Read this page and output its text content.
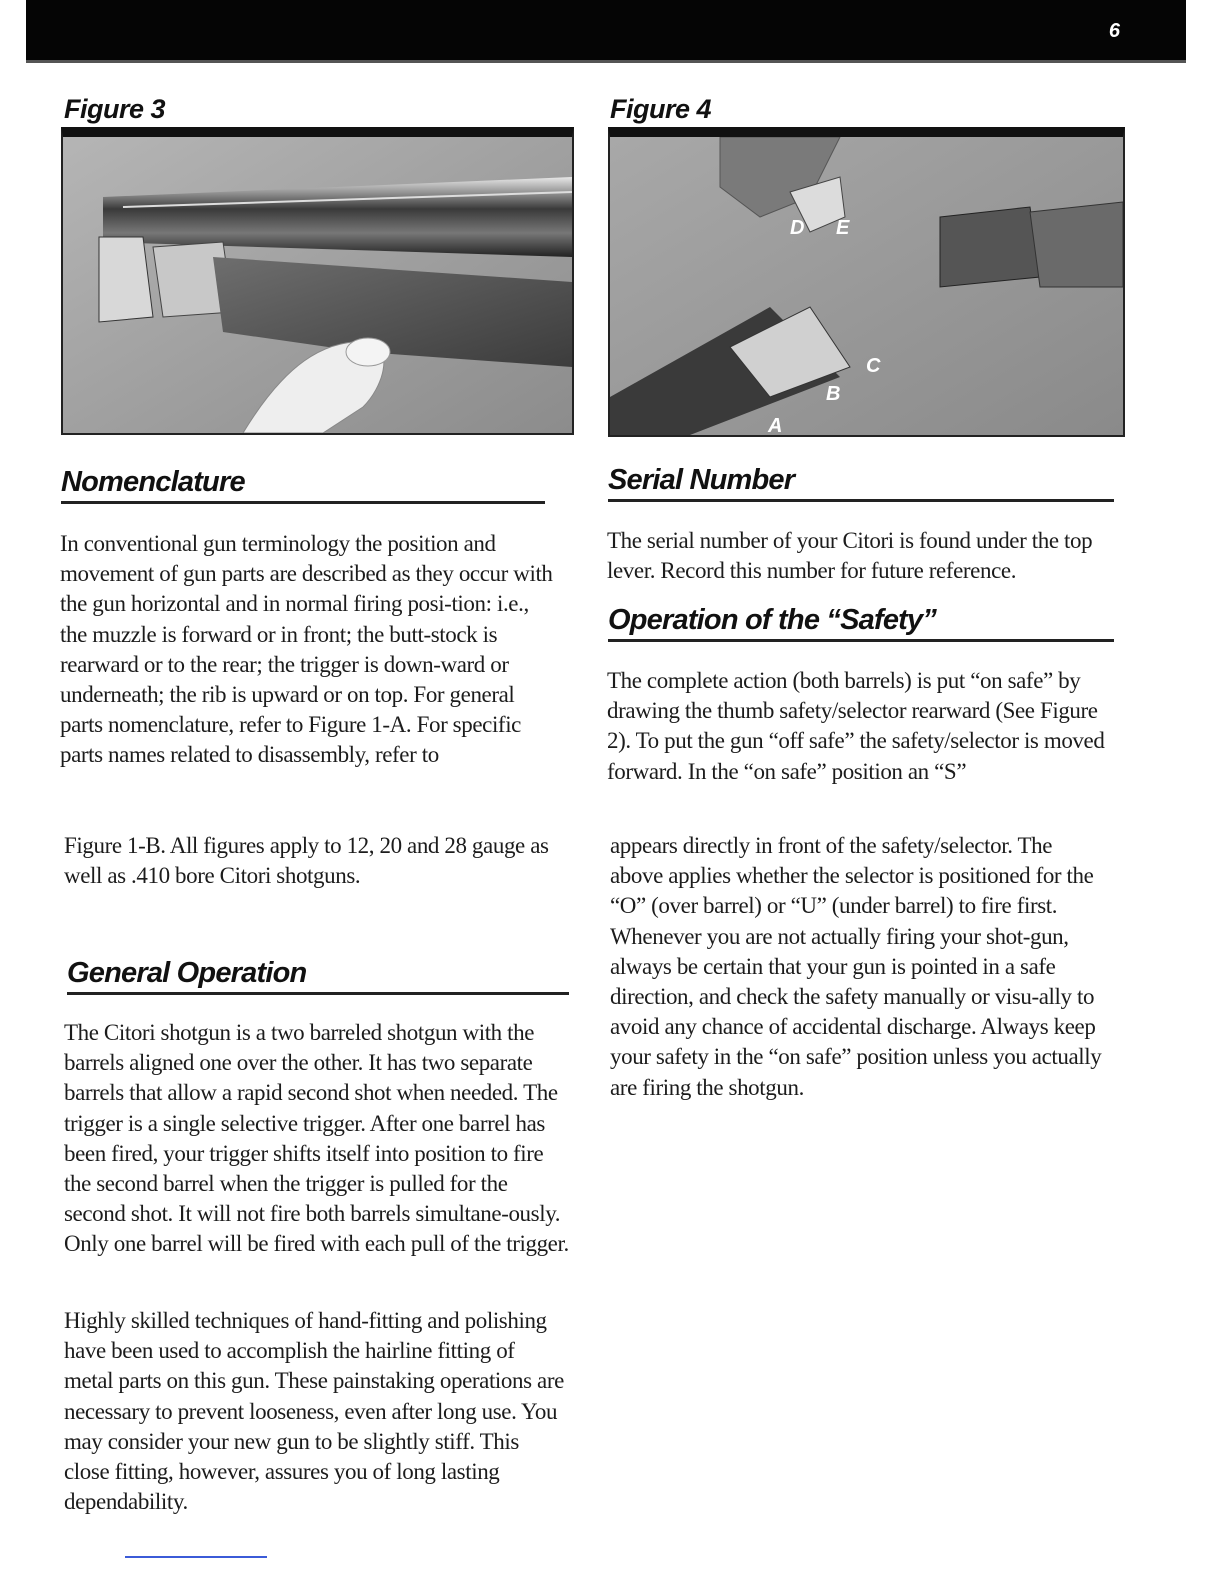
6
Figure 3	Figure 4
D E
C
B
A
Nomenclature

In conventional gun terminology the position and movement of gun parts are described as they occur with the gun horizontal and in normal firing posi-tion: i.e., the muzzle is forward or in front; the butt-stock is rearward or to the rear; the trigger is down-ward or underneath; the rib is upward or on top. For general parts nomenclature, refer to Figure 1-A. For specific parts names related to disassembly, refer to

Figure 1-B. All figures apply to 12, 20 and 28 gauge as well as .410 bore Citori shotguns.

General Operation

The Citori shotgun is a two barreled shotgun with the barrels aligned one over the other. It has two separate barrels that allow a rapid second shot when needed. The trigger is a single selective trigger. After one barrel has been fired, your trigger shifts itself into position to fire the second barrel when the trigger is pulled for the second shot. It will not fire both barrels simultane-ously. Only one barrel will be fired with each pull of the trigger.

Highly skilled techniques of hand-fitting and polishing have been used to accomplish the hairline fitting of metal parts on this gun. These painstaking operations are necessary to prevent looseness, even after long use. You may consider your new gun to be slightly stiff. This close fitting, however, assures you of long lasting dependability.

Serial Number

The serial number of your Citori is found under the top lever. Record this number for future reference.

Operation of the “Safety”

The complete action (both barrels) is put “on safe” by drawing the thumb safety/selector rearward (See Figure 2). To put the gun “off safe” the safety/selector is moved forward. In the “on safe” position an “S”

appears directly in front of the safety/selector. The above applies whether the selector is positioned for the “O” (over barrel) or “U” (under barrel) to fire first. Whenever you are not actually firing your shot-gun, always be certain that your gun is pointed in a safe direction, and check the safety manually or visu-ally to avoid any chance of accidental discharge. Always keep your safety in the “on safe” position unless you actually are firing the shotgun.
